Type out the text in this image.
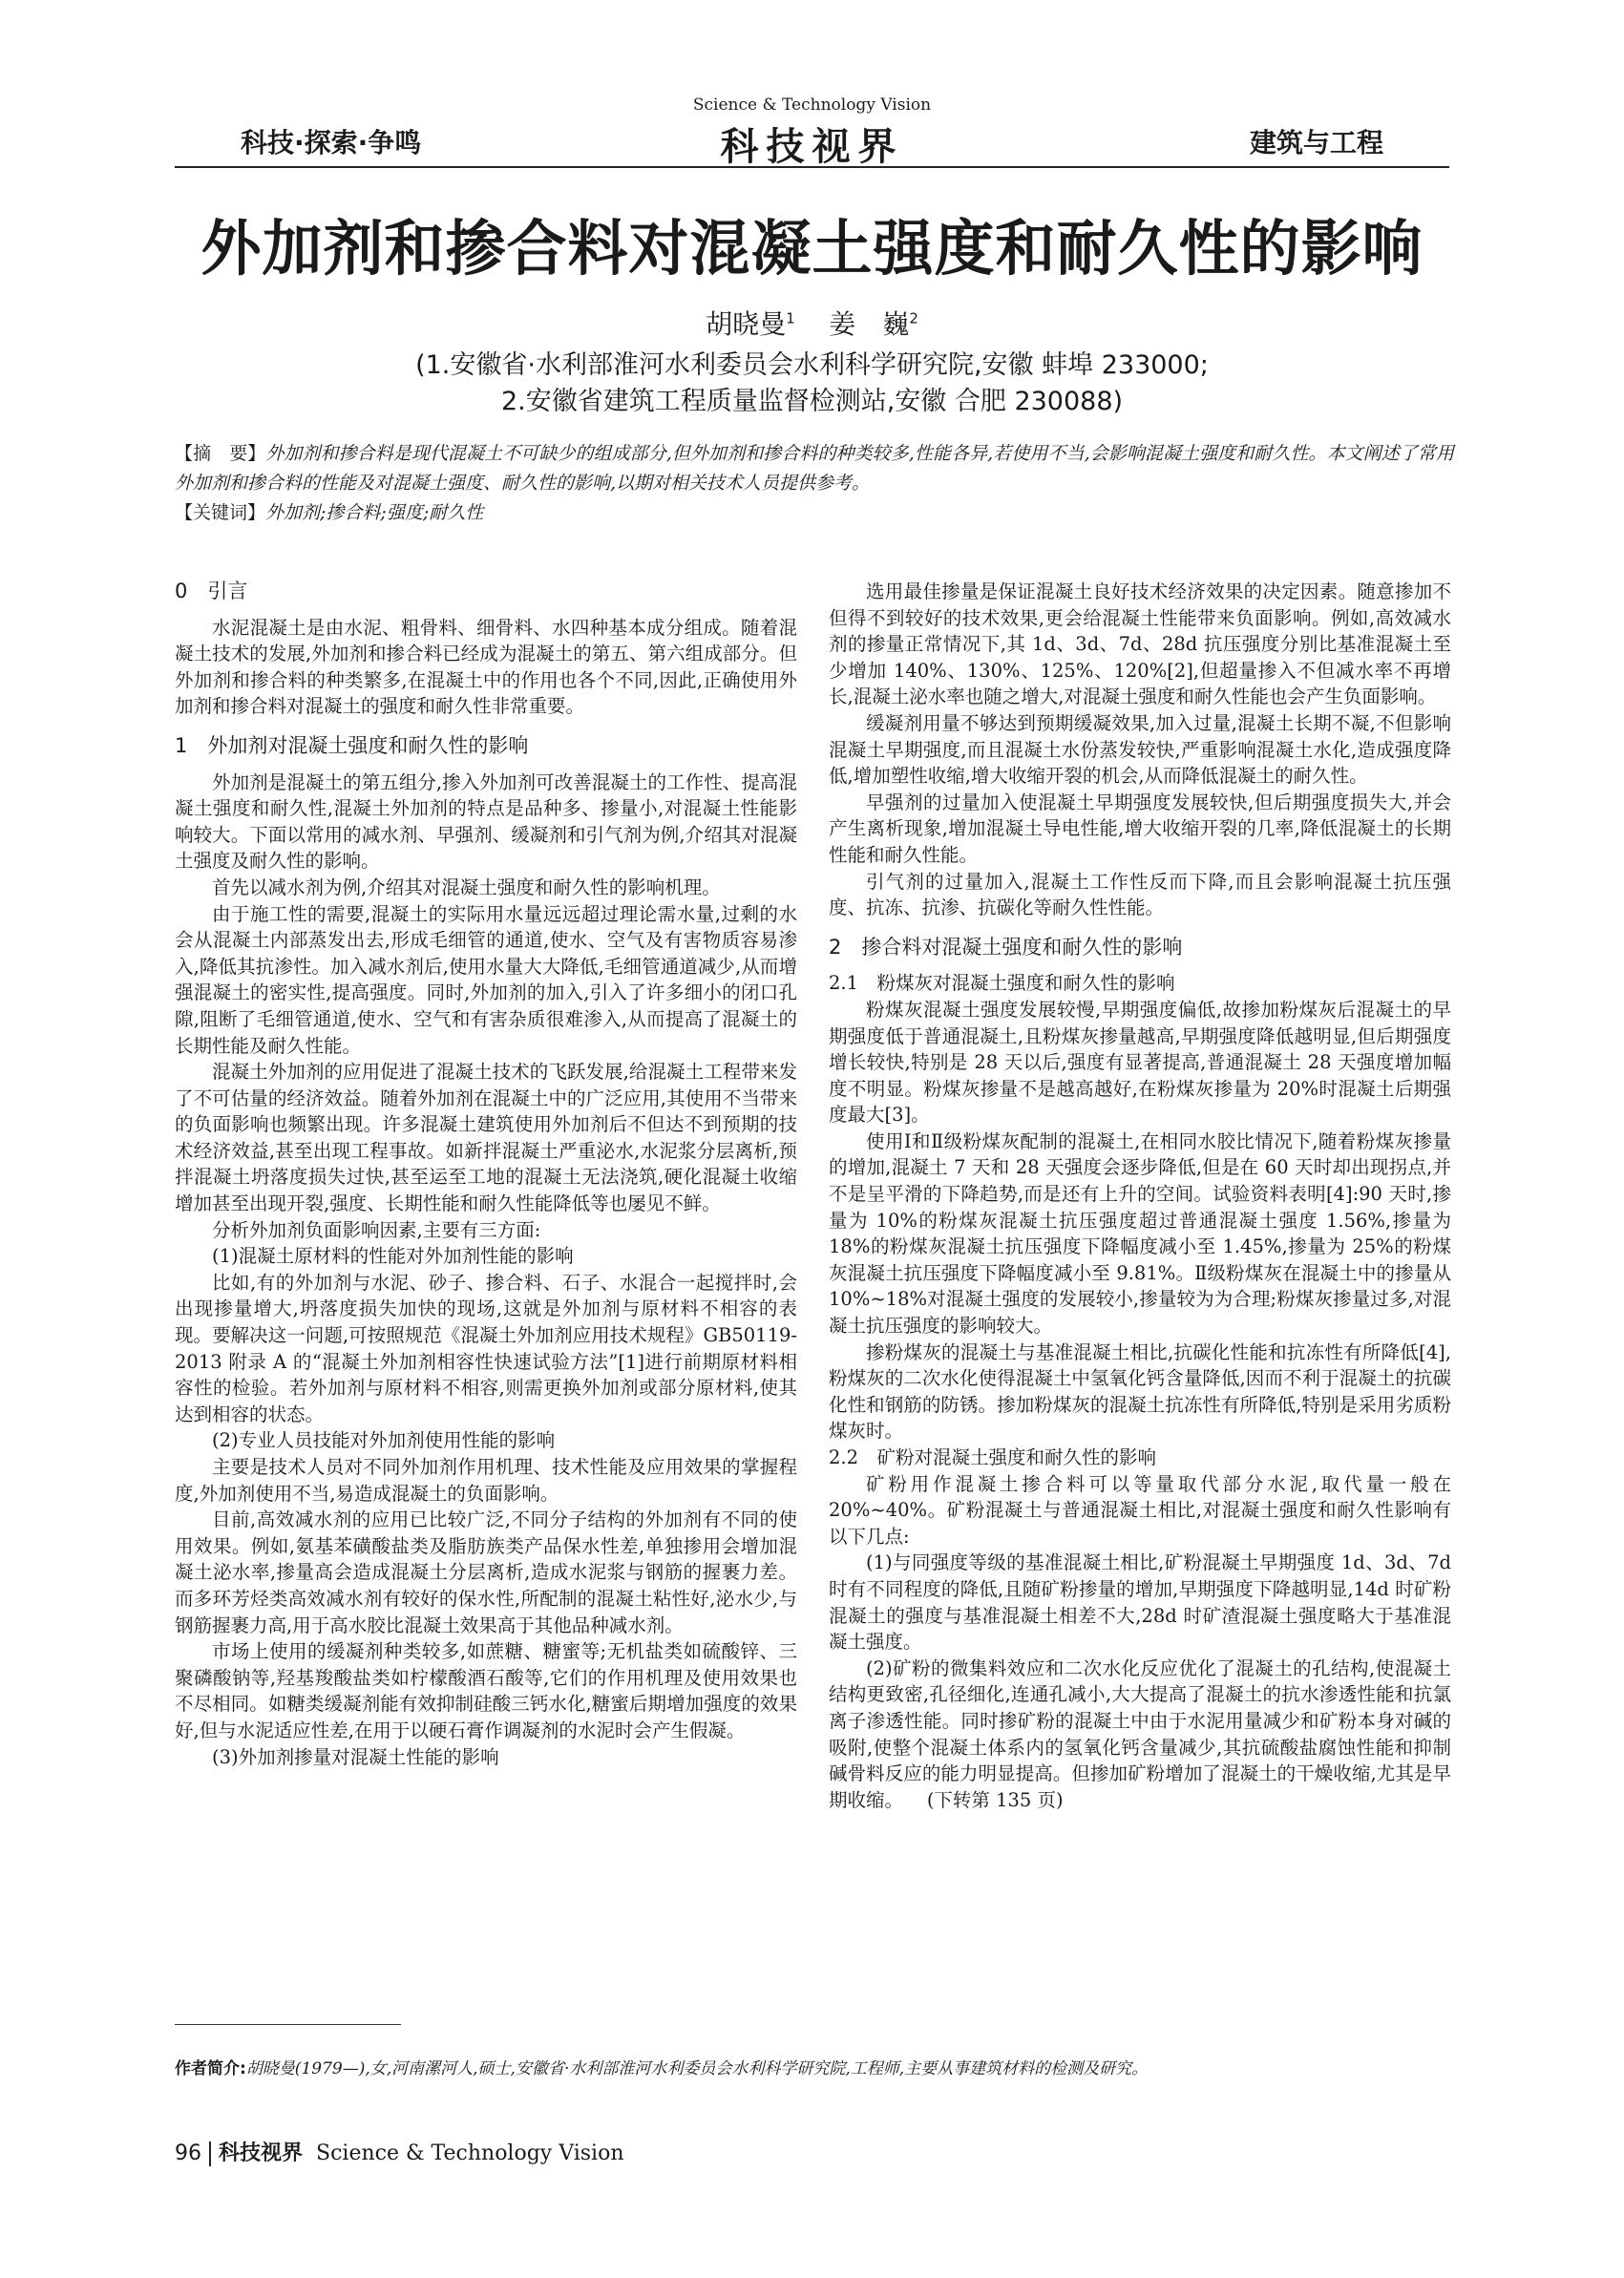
Science & Technology Vision
科技·探索·争鸣	科技视界	建筑与工程
外加剂和掺合料对混凝土强度和耐久性的影响
胡晓曼$^1$ 姜　巍$^2$
(1.安徽省·水利部淮河水利委员会水利科学研究院,安徽 蚌埠 233000;
2.安徽省建筑工程质量监督检测站,安徽 合肥 230088)
【摘　要】外加剂和掺合料是现代混凝土不可缺少的组成部分,但外加剂和掺合料的种类较多,性能各异,若使用不当,会影响混凝土强度和耐久性。本文阐述了常用外加剂和掺合料的性能及对混凝土强度、耐久性的影响,以期对相关技术人员提供参考。
【关键词】外加剂;掺合料;强度;耐久性
0　引言

水泥混凝土是由水泥、粗骨料、细骨料、水四种基本成分组成。随着混凝土技术的发展,外加剂和掺合料已经成为混凝土的第五、第六组成部分。但外加剂和掺合料的种类繁多,在混凝土中的作用也各个不同,因此,正确使用外加剂和掺合料对混凝土的强度和耐久性非常重要。

1　外加剂对混凝土强度和耐久性的影响

外加剂是混凝土的第五组分,掺入外加剂可改善混凝土的工作性、提高混凝土强度和耐久性,混凝土外加剂的特点是品种多、掺量小,对混凝土性能影响较大。下面以常用的减水剂、早强剂、缓凝剂和引气剂为例,介绍其对混凝土强度及耐久性的影响。

首先以减水剂为例,介绍其对混凝土强度和耐久性的影响机理。

由于施工性的需要,混凝土的实际用水量远远超过理论需水量,过剩的水会从混凝土内部蒸发出去,形成毛细管的通道,使水、空气及有害物质容易渗入,降低其抗渗性。加入减水剂后,使用水量大大降低,毛细管通道减少,从而增强混凝土的密实性,提高强度。同时,外加剂的加入,引入了许多细小的闭口孔隙,阻断了毛细管通道,使水、空气和有害杂质很难渗入,从而提高了混凝土的长期性能及耐久性能。

混凝土外加剂的应用促进了混凝土技术的飞跃发展,给混凝土工程带来发了不可估量的经济效益。随着外加剂在混凝土中的广泛应用,其使用不当带来的负面影响也频繁出现。许多混凝土建筑使用外加剂后不但达不到预期的技术经济效益,甚至出现工程事故。如新拌混凝土严重泌水,水泥浆分层离析,预拌混凝土坍落度损失过快,甚至运至工地的混凝土无法浇筑,硬化混凝土收缩增加甚至出现开裂,强度、长期性能和耐久性能降低等也屡见不鲜。

分析外加剂负面影响因素,主要有三方面:

(1)混凝土原材料的性能对外加剂性能的影响

比如,有的外加剂与水泥、砂子、掺合料、石子、水混合一起搅拌时,会出现掺量增大,坍落度损失加快的现场,这就是外加剂与原材料不相容的表现。要解决这一问题,可按照规范《混凝土外加剂应用技术规程》GB50119-2013 附录 A 的“混凝土外加剂相容性快速试验方法”[1]进行前期原材料相容性的检验。若外加剂与原材料不相容,则需更换外加剂或部分原材料,使其达到相容的状态。

(2)专业人员技能对外加剂使用性能的影响

主要是技术人员对不同外加剂作用机理、技术性能及应用效果的掌握程度,外加剂使用不当,易造成混凝土的负面影响。

目前,高效减水剂的应用已比较广泛,不同分子结构的外加剂有不同的使用效果。例如,氨基苯磺酸盐类及脂肪族类产品保水性差,单独掺用会增加混凝土泌水率,掺量高会造成混凝土分层离析,造成水泥浆与钢筋的握裹力差。而多环芳烃类高效减水剂有较好的保水性,所配制的混凝土粘性好,泌水少,与钢筋握裹力高,用于高水胶比混凝土效果高于其他品种减水剂。

市场上使用的缓凝剂种类较多,如蔗糖、糖蜜等;无机盐类如硫酸锌、三聚磷酸钠等,羟基羧酸盐类如柠檬酸酒石酸等,它们的作用机理及使用效果也不尽相同。如糖类缓凝剂能有效抑制硅酸三钙水化,糖蜜后期增加强度的效果好,但与水泥适应性差,在用于以硬石膏作调凝剂的水泥时会产生假凝。

(3)外加剂掺量对混凝土性能的影响

选用最佳掺量是保证混凝土良好技术经济效果的决定因素。随意掺加不但得不到较好的技术效果,更会给混凝土性能带来负面影响。例如,高效减水剂的掺量正常情况下,其 1d、3d、7d、28d 抗压强度分别比基准混凝土至少增加 140%、130%、125%、120%[2],但超量掺入不但减水率不再增长,混凝土泌水率也随之增大,对混凝土强度和耐久性能也会产生负面影响。

缓凝剂用量不够达到预期缓凝效果,加入过量,混凝土长期不凝,不但影响混凝土早期强度,而且混凝土水份蒸发较快,严重影响混凝土水化,造成强度降低,增加塑性收缩,增大收缩开裂的机会,从而降低混凝土的耐久性。

早强剂的过量加入使混凝土早期强度发展较快,但后期强度损失大,并会产生离析现象,增加混凝土导电性能,增大收缩开裂的几率,降低混凝土的长期性能和耐久性能。

引气剂的过量加入,混凝土工作性反而下降,而且会影响混凝土抗压强度、抗冻、抗渗、抗碳化等耐久性性能。

2　掺合料对混凝土强度和耐久性的影响
2.1　粉煤灰对混凝土强度和耐久性的影响

粉煤灰混凝土强度发展较慢,早期强度偏低,故掺加粉煤灰后混凝土的早期强度低于普通混凝土,且粉煤灰掺量越高,早期强度降低越明显,但后期强度增长较快,特别是 28 天以后,强度有显著提高,普通混凝土 28 天强度增加幅度不明显。粉煤灰掺量不是越高越好,在粉煤灰掺量为 20%时混凝土后期强度最大[3]。

使用Ⅰ和Ⅱ级粉煤灰配制的混凝土,在相同水胶比情况下,随着粉煤灰掺量的增加,混凝土 7 天和 28 天强度会逐步降低,但是在 60 天时却出现拐点,并不是呈平滑的下降趋势,而是还有上升的空间。试验资料表明[4]:90 天时,掺量为 10%的粉煤灰混凝土抗压强度超过普通混凝土强度 1.56%,掺量为 18%的粉煤灰混凝土抗压强度下降幅度减小至 1.45%,掺量为 25%的粉煤灰混凝土抗压强度下降幅度减小至 9.81%。Ⅱ级粉煤灰在混凝土中的掺量从 10%~18%对混凝土强度的发展较小,掺量较为为合理;粉煤灰掺量过多,对混凝土抗压强度的影响较大。

掺粉煤灰的混凝土与基准混凝土相比,抗碳化性能和抗冻性有所降低[4],粉煤灰的二次水化使得混凝土中氢氧化钙含量降低,因而不利于混凝土的抗碳化性和钢筋的防锈。掺加粉煤灰的混凝土抗冻性有所降低,特别是采用劣质粉煤灰时。

2.2　矿粉对混凝土强度和耐久性的影响

矿粉用作混凝土掺合料可以等量取代部分水泥,取代量一般在 20%~40%。矿粉混凝土与普通混凝土相比,对混凝土强度和耐久性影响有以下几点:

(1)与同强度等级的基准混凝土相比,矿粉混凝土早期强度 1d、3d、7d 时有不同程度的降低,且随矿粉掺量的增加,早期强度下降越明显,14d 时矿粉混凝土的强度与基准混凝土相差不大,28d 时矿渣混凝土强度略大于基准混凝土强度。

(2)矿粉的微集料效应和二次水化反应优化了混凝土的孔结构,使混凝土结构更致密,孔径细化,连通孔减小,大大提高了混凝土的抗水渗透性能和抗氯离子渗透性能。同时掺矿粉的混凝土中由于水泥用量减少和矿粉本身对碱的吸附,使整个混凝土体系内的氢氧化钙含量减少,其抗硫酸盐腐蚀性能和抑制碱骨料反应的能力明显提高。但掺加矿粉增加了混凝土的干燥收缩,尤其是早期收缩。 (下转第 135 页)

作者简介:胡晓曼(1979—),女,河南漯河人,硕士,安徽省·水利部淮河水利委员会水利科学研究院,工程师,主要从事建筑材料的检测及研究。
96 科技视界 Science & Technology Vision
